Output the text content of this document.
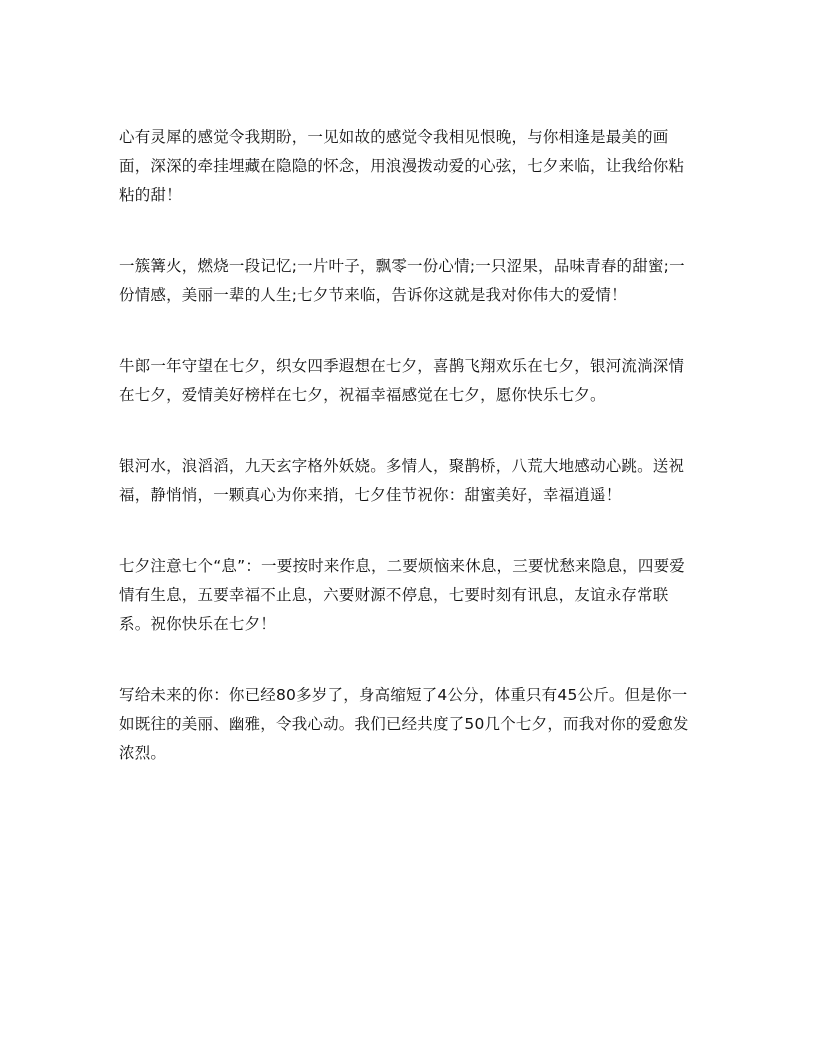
心有灵犀的感觉令我期盼，一见如故的感觉令我相见恨晚，与你相逢是最美的画面，深深的牵挂埋藏在隐隐的怀念，用浪漫拨动爱的心弦，七夕来临，让我给你粘粘的甜！

一簇篝火，燃烧一段记忆;一片叶子，飘零一份心情;一只涩果，品味青春的甜蜜;一份情感，美丽一辈的人生;七夕节来临，告诉你这就是我对你伟大的爱情！

牛郎一年守望在七夕，织女四季遐想在七夕，喜鹊飞翔欢乐在七夕，银河流淌深情在七夕，爱情美好榜样在七夕，祝福幸福感觉在七夕，愿你快乐七夕。

银河水，浪滔滔，九天玄字格外妖娆。多情人，聚鹊桥，八荒大地感动心跳。送祝福，静悄悄，一颗真心为你来捎，七夕佳节祝你：甜蜜美好，幸福逍遥！

七夕注意七个“息”：一要按时来作息，二要烦恼来休息，三要忧愁来隐息，四要爱情有生息，五要幸福不止息，六要财源不停息，七要时刻有讯息，友谊永存常联系。祝你快乐在七夕！

写给未来的你：你已经80多岁了，身高缩短了4公分，体重只有45公斤。但是你一如既往的美丽、幽雅，令我心动。我们已经共度了50几个七夕，而我对你的爱愈发浓烈。
